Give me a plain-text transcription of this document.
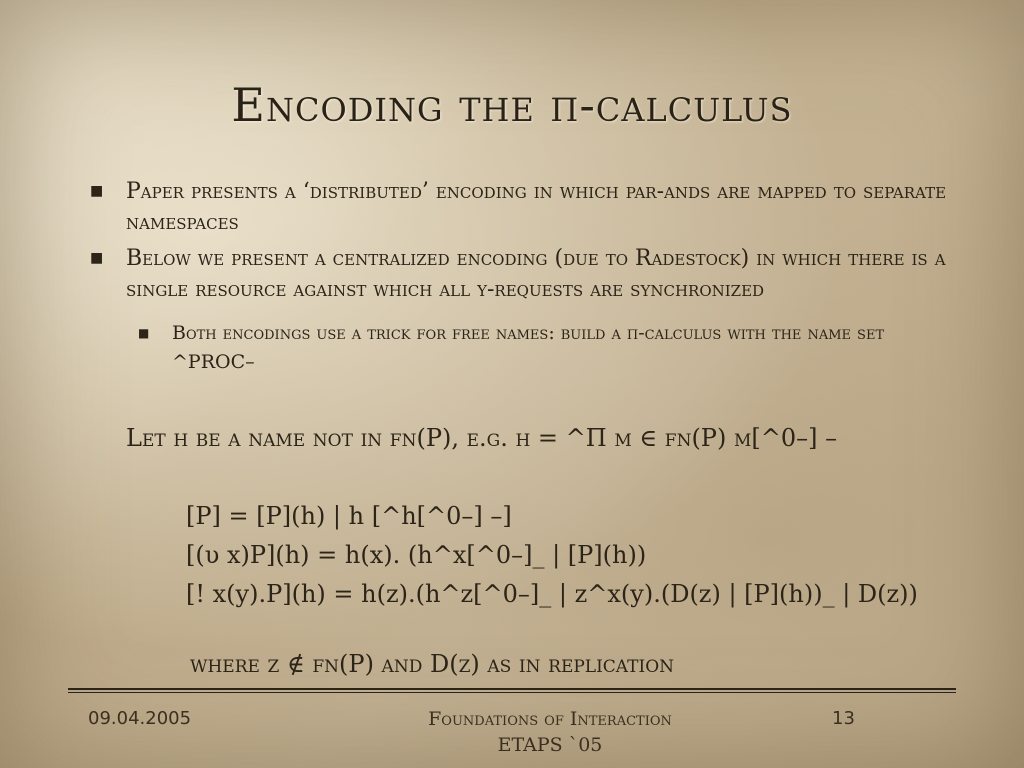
Encoding the π-calculus
■ Paper presents a ‘distributed’ encoding in which par-ands are mapped to separate namespaces
■ Below we present a centralized encoding (due to Radestock) in which there is a single resource against which all υ-requests are synchronized
■ Both encodings use a trick for free names: build a π-calculus with the name set ^PROC–
Let h be a name not in fn(P), e.g. h = ^Π m ∈ fn(P) m[^0–] –
[P] = [P](h) | h [^h[^0–] –]
[(υ x)P](h) = h(x). (h^x[^0–]_ | [P](h))
[! x(y).P](h) = h(z).(h^z[^0–]_ | z^x(y).(D(z) | [P](h))_ | D(z))
where z ∉ fn(P) and D(z) as in replication
09.04.2005	Foundations of Interaction
ETAPS `05
13
